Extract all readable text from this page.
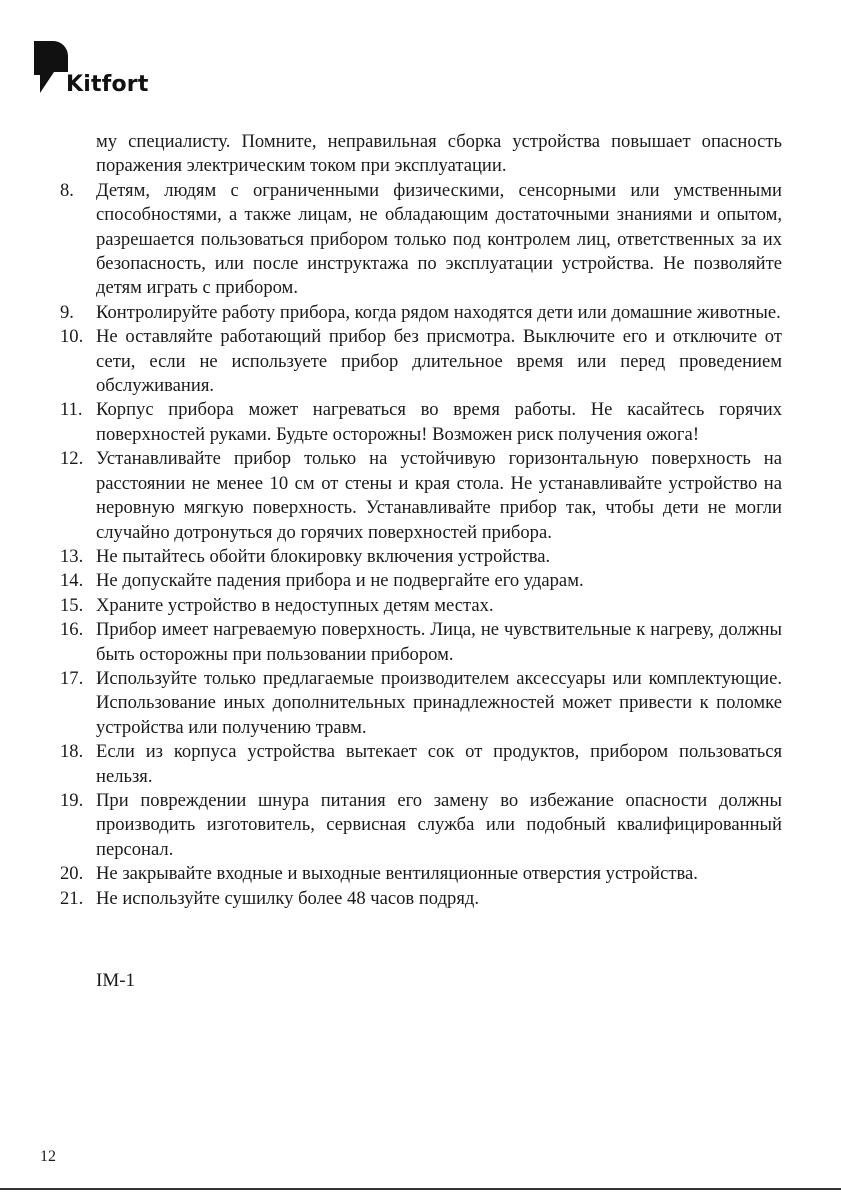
Kitfort
му специалисту. Помните, неправильная сборка устройства повышает опасность поражения электрическим током при эксплуатации.
8.	Детям, людям с ограниченными физическими, сенсорными или умственными способностями, а также лицам, не обладающим достаточными знаниями и опытом, разрешается пользоваться прибором только под контролем лиц, ответственных за их безопасность, или после инструктажа по эксплуатации устройства. Не позволяйте детям играть с прибором.
9.	Контролируйте работу прибора, когда рядом находятся дети или домашние животные.
10. Не оставляйте работающий прибор без присмотра. Выключите его и отключите от сети, если не используете прибор длительное время или перед проведением обслуживания.
11. Корпус прибора может нагреваться во время работы. Не касайтесь горячих поверхностей руками. Будьте осторожны! Возможен риск получения ожога!
12. Устанавливайте прибор только на устойчивую горизонтальную поверхность на расстоянии не менее 10 см от стены и края стола. Не устанавливайте устройство на неровную мягкую поверхность. Устанавливайте прибор так, чтобы дети не могли случайно дотронуться до горячих поверхностей прибора.
13. Не пытайтесь обойти блокировку включения устройства.
14. Не допускайте падения прибора и не подвергайте его ударам.
15. Храните устройство в недоступных детям местах.
16. Прибор имеет нагреваемую поверхность. Лица, не чувствительные к нагреву, должны быть осторожны при пользовании прибором.
17. Используйте только предлагаемые производителем аксессуары или комплектующие. Использование иных дополнительных принадлежностей может привести к поломке устройства или получению травм.
18. Если из корпуса устройства вытекает сок от продуктов, прибором пользоваться нельзя.
19. При повреждении шнура питания его замену во избежание опасности должны производить изготовитель, сервисная служба или подобный квалифицированный персонал.
20. Не закрывайте входные и выходные вентиляционные отверстия устройства.
21. Не используйте сушилку более 48 часов подряд.
IM-1
12
